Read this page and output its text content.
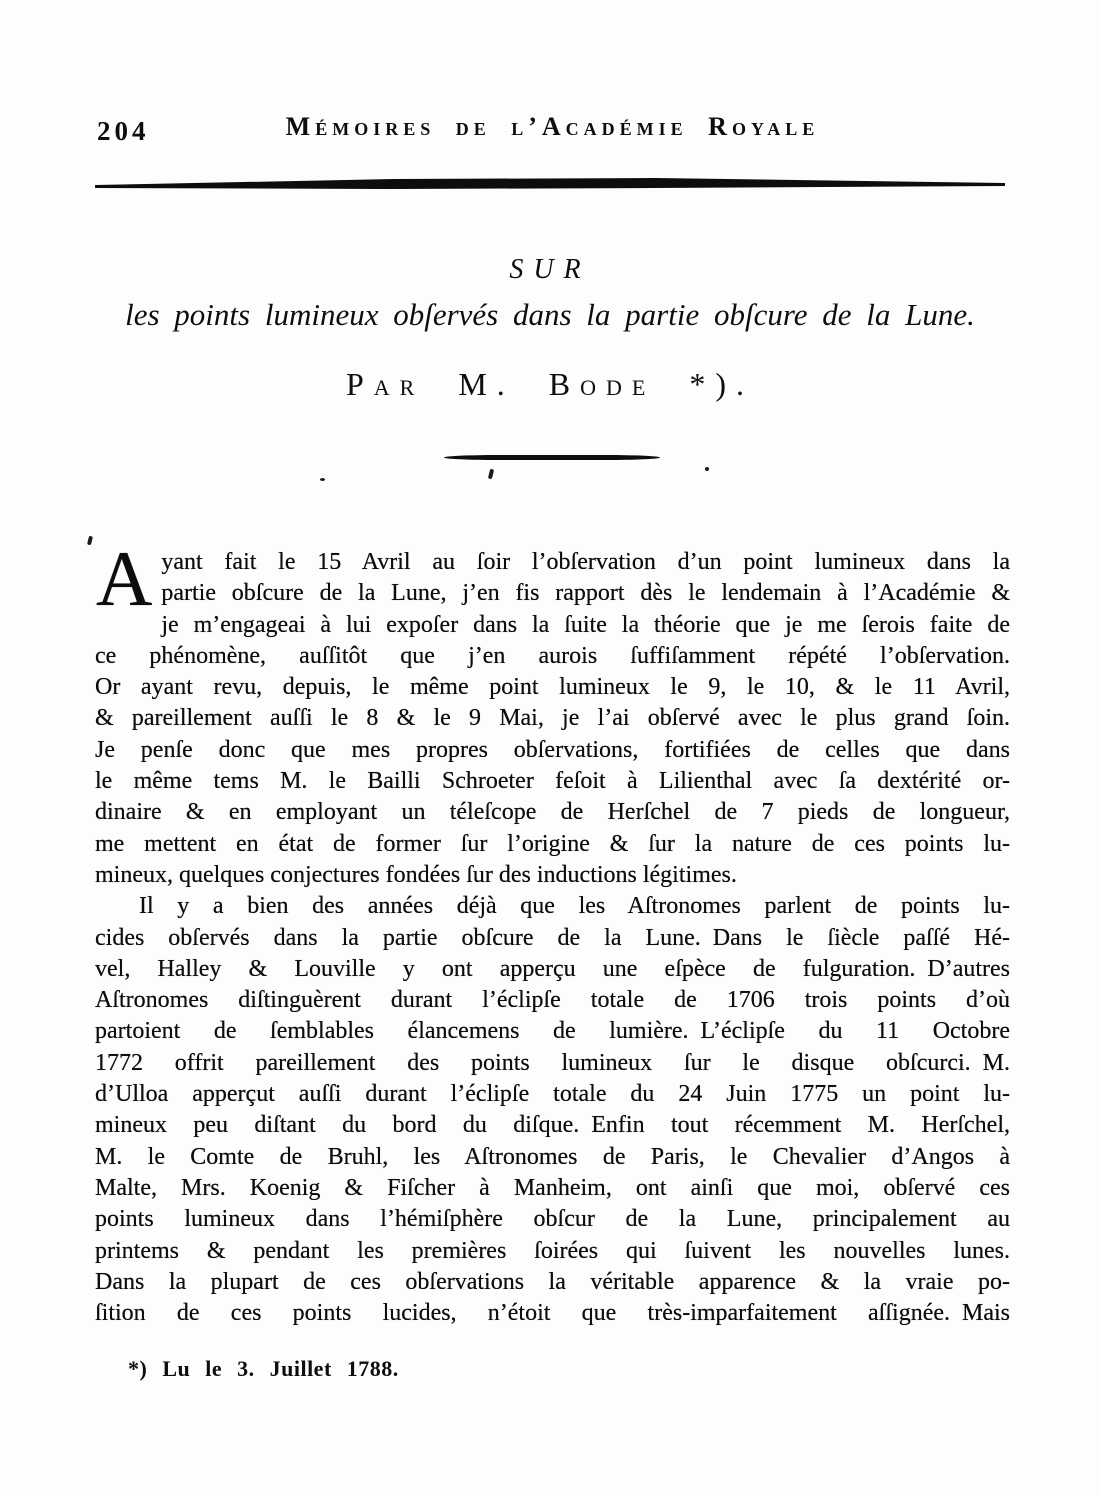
204	Mémoires de l’Académie Royale
SUR
les points lumineux obſervés dans la partie obſcure de la Lune.
Par M. Bode *).
A yant fait le 15 Avril au ſoir l’obſervation d’un point lumineux dans la
partie obſcure de la Lune, j’en fis rapport dès le lendemain à l’Académie &
je m’engageai à lui expoſer dans la ſuite la théorie que je me ſerois faite de
ce phénomène, auſſitôt que j’en aurois ſuffiſamment répété l’obſervation.
Or ayant revu, depuis, le même point lumineux le 9, le 10, & le 11 Avril,
& pareillement auſſi le 8 & le 9 Mai, je l’ai obſervé avec le plus grand ſoin.
Je penſe donc que mes propres obſervations, fortifiées de celles que dans
le même tems M. le Bailli Schroeter feſoit à Lilienthal avec ſa dextérité or-
dinaire & en employant un téleſcope de Herſchel de 7 pieds de longueur,
me mettent en état de former ſur l’origine & ſur la nature de ces points lu-
mineux, quelques conjectures fondées ſur des inductions légitimes.
Il y a bien des années déjà que les Aſtronomes parlent de points lu-
cides obſervés dans la partie obſcure de la Lune. Dans le ſiècle paſſé Hé-
vel, Halley & Louville y ont apperçu une eſpèce de fulguration. D’autres
Aſtronomes diſtinguèrent durant l’éclipſe totale de 1706 trois points d’où
partoient de ſemblables élancemens de lumière. L’éclipſe du 11 Octobre
1772 offrit pareillement des points lumineux ſur le disque obſcurci. M.
d’Ulloa apperçut auſſi durant l’éclipſe totale du 24 Juin 1775 un point lu-
mineux peu diſtant du bord du diſque. Enfin tout récemment M. Herſchel,
M. le Comte de Bruhl, les Aſtronomes de Paris, le Chevalier d’Angos à
Malte, Mrs. Koenig & Fiſcher à Manheim, ont ainſi que moi, obſervé ces
points lumineux dans l’hémiſphère obſcur de la Lune, principalement au
printems & pendant les premières ſoirées qui ſuivent les nouvelles lunes.
Dans la plupart de ces obſervations la véritable apparence & la vraie po-
ſition de ces points lucides, n’étoit que très-imparfaitement aſſignée. Mais
*) Lu le 3. Juillet 1788.
